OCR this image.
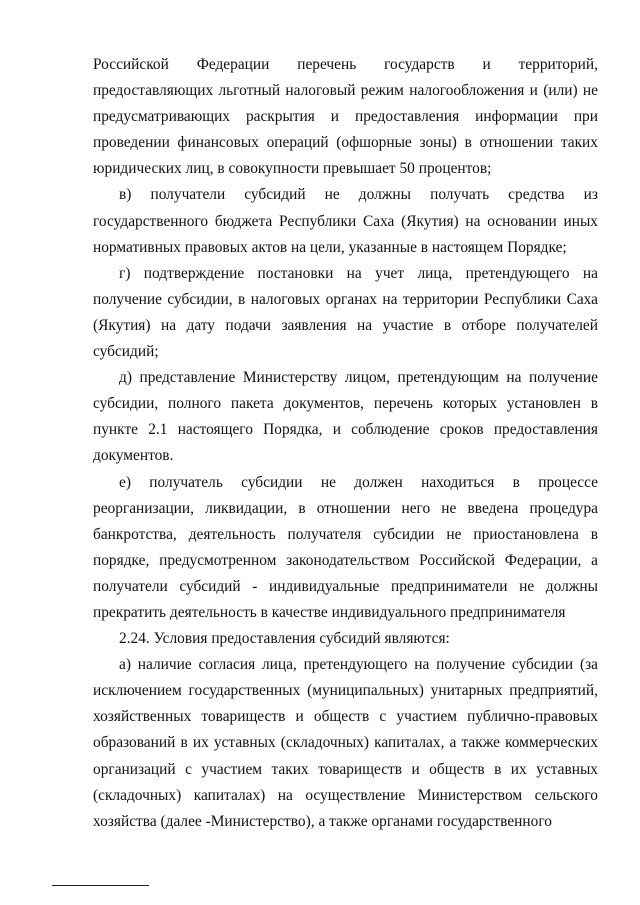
Российской Федерации перечень государств и территорий, предоставляющих льготный налоговый режим налогообложения и (или) не предусматривающих раскрытия и предоставления информации при проведении финансовых операций (офшорные зоны) в отношении таких юридических лиц, в совокупности превышает 50 процентов;

в) получатели субсидий не должны получать средства из государственного бюджета Республики Саха (Якутия) на основании иных нормативных правовых актов на цели, указанные в настоящем Порядке;

г) подтверждение постановки на учет лица, претендующего на получение субсидии, в налоговых органах на территории Республики Саха (Якутия) на дату подачи заявления на участие в отборе получателей субсидий;

д) представление Министерству лицом, претендующим на получение субсидии, полного пакета документов, перечень которых установлен в пункте 2.1 настоящего Порядка, и соблюдение сроков предоставления документов.

е) получатель субсидии не должен находиться в процессе реорганизации, ликвидации, в отношении него не введена процедура банкротства, деятельность получателя субсидии не приостановлена в порядке, предусмотренном законодательством Российской Федерации, а получатели субсидий - индивидуальные предприниматели не должны прекратить деятельность в качестве индивидуального предпринимателя

2.24. Условия предоставления субсидий являются:

а) наличие согласия лица, претендующего на получение субсидии (за исключением государственных (муниципальных) унитарных предприятий, хозяйственных товариществ и обществ с участием публично-правовых образований в их уставных (складочных) капиталах, а также коммерческих организаций с участием таких товариществ и обществ в их уставных (складочных) капиталах) на осуществление Министерством сельского хозяйства (далее -Министерство), а также органами государственного
